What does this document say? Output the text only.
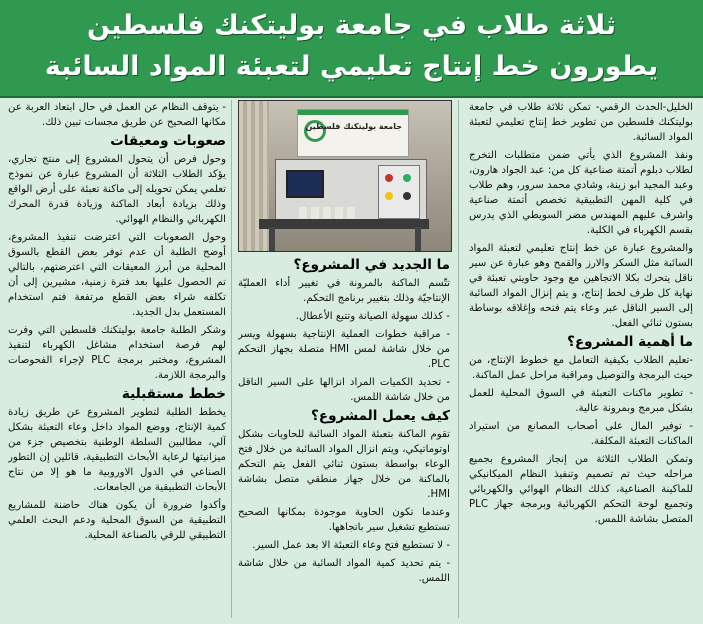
ثلاثة طلاب في جامعة بوليتكنك فلسطين
يطورون خط إنتاج تعليمي لتعبئة المواد السائبة

الخليل-الحدث الرقمي- تمكن ثلاثة طلاب في جامعة بوليتكنك فلسطين من تطوير خط إنتاج تعليمي لتعبئة المواد السائبة.

ونفذ المشروع الذي يأتي ضمن متطلبات التخرج لطلاب دبلوم أتمتة صناعية كل من: عبد الجواد هارون، وعبد المجيد ابو زينة، وشادي محمد سرور، وهم طلاب في كلية المهن التطبيقية تخصص أتمتة صناعية واشرف عليهم المهندس مضر السويطي الذي يدرس بقسم الكهرباء في الكلية.

والمشروع عبارة عن خط إنتاج تعليمي لتعبئة المواد السائبة مثل السكر والارز والقمح وهو عبارة عن سير ناقل يتحرك بكلا الاتجاهين مع وجود حاويتي تعبئة في نهاية كل طرف لخط إنتاج، و يتم إنزال المواد السائبة إلى السير الناقل عبر وعاء يتم فتحه وإغلاقه بوساطة بستون ثنائي الفعل.

ما أهمية المشروع؟

-تعليم الطلاب بكيفية التعامل مع خطوط الإنتاج، من حيث البرمجة والتوصيل ومراقبة مراحل عمل الماكنة.

- تطوير ماكنات التعبئة في السوق المحلية للعمل بشكل مبرمج وبمرونة عالية.

- توفير المال على أصحاب المصانع من استيراد الماكنات التعبئة المكلفة.

وتمكن الطلاب الثلاثة من إنجاز المشروع بجميع مراحله حيث تم تصميم وتنفيذ النظام الميكانيكي للماكينة الصناعية، كذلك النظام الهوائي والكهربائي وتجميع لوحة التحكم الكهربائية وبرمجة جهاز PLC المتصل بشاشة اللمس.

جامعة بوليتكنك فلسطين
ما الجديد في المشروع؟

تتّسم الماكنة بالمرونة في تغيير أداء العمليّة الإنتاجيّة وذلك بتغيير برنامج التحكم.

- كذلك سهولة الصيانة وتتبع الأعطال.

- مراقبة خطوات العملية الإنتاجية بسهولة ويسر من خلال شاشة لمس HMI متصلة بجهاز التحكم PLC.

- تحديد الكميات المراد انزالها على السير الناقل من خلال شاشة اللمس.

كيف يعمل المشروع؟

تقوم الماكنة بتعبئة المواد السائبة للحاويات بشكل اوتوماتيكي، ويتم انزال المواد السائبة من خلال فتح الوعاء بواسطة بستون ثنائي الفعل يتم التحكم بالماكنة من خلال جهاز منطقي متصل بشاشة HMI.

وعندما تكون الحاوية موجودة بمكانها الصحيح تستطيع تشغيل سير باتجاهها.

- لا تستطيع فتح وعاء التعبئة الا بعد عمل السير.

- يتم تحديد كمية المواد السائبة من خلال شاشة اللمس.

- يتوقف النظام عن العمل في حال ابتعاد العربة عن مكانها الصحيح عن طريق مجسات تبين ذلك.

صعوبات ومعيقات

وحول فرص أن يتحول المشروع إلى منتج تجاري، يؤكد الطلاب الثلاثة أن المشروع عبارة عن نموذج تعلمي يمكن تحويله إلى ماكنة تعبئة على أرض الواقع وذلك بزيادة أبعاد الماكنة وزيادة قدرة المحرك الكهربائي والنظام الهوائي.

وحول الصعوبات التي اعترضت تنفيذ المشروع، أوضح الطلبة أن عدم توفر بعض القطع بالسوق المحلية من أبرز المعيقات التي اعترضتهم، بالتالي تم الحصول عليها بعد فترة زمنية، مشيرين إلى أن تكلفه شراء بعض القطع مرتفعة فتم استخدام المستعمل بدل الجديد.

وشكر الطلبة جامعة بوليتكنك فلسطين التي وفرت لهم فرصة استخدام مشاغل الكهرباء لتنفيذ المشروع، ومختبر برمجة PLC لإجراء الفحوصات والبرمجة اللازمة.

خطط مستقبلية

يخطط الطلبة لتطوير المشروع عن طريق زيادة كمية الإنتاج، ووضع المواد داخل وعاء التعبئة بشكل آلي، مطالبين السلطة الوطنية بتخصيص جزء من ميزانيتها لرعاية الأبحاث التطبيقية، قائلين إن التطور الصناعي في الدول الاوروبية ما هو إلا من نتاج الأبحاث التطبيقية من الجامعات.

وأكدوا ضرورة أن يكون هناك حاضنة للمشاريع التطبيقية من السوق المحلية ودعم البحث العلمي التطبيقي للرقي بالصناعة المحلية.
